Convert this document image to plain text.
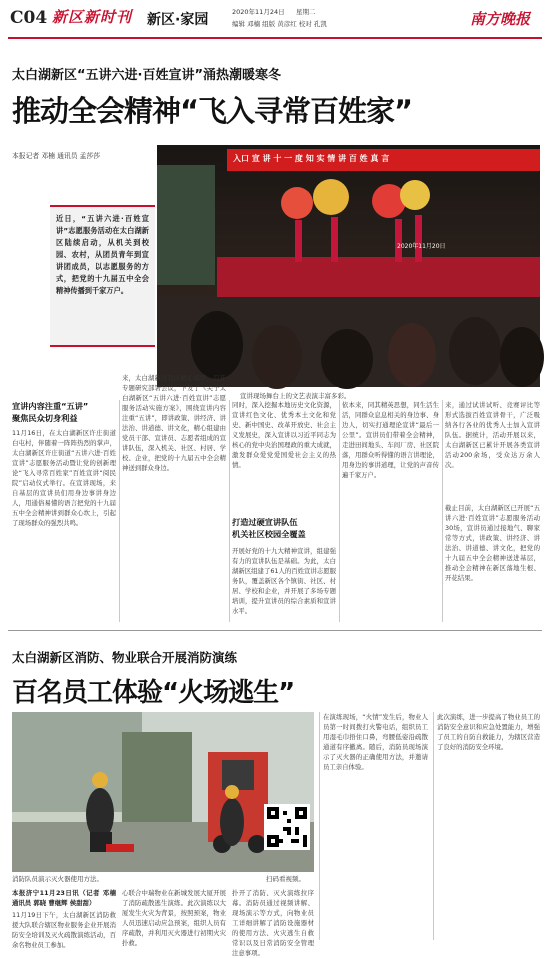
C04 新区新时刊 新区·家园	2020年11月24日 星期二
编辑 邓楠 组版 黄彦红 校对 孔凯	南方晚报
太白湖新区“五讲六进·百姓宣讲”涌热潮暖寒冬
推动全会精神“飞入寻常百姓家”
本报记者 邓楠 通讯员 孟莎莎
近日，“五讲六进·百姓宣讲”志愿服务活动在太白湖新区陆续启动，从机关到校园、农村，从团员青年到宣讲团成员，以志愿服务的方式，把党的十九届五中全会精神传播到千家万户。
入口 宣 讲 十 一 度 知 实 情 讲 百 姓 真 言
2020年11月20日
宣讲现场舞台上的文艺表演丰富多彩。
宣讲内容注重“五讲”
聚焦民众切身利益
11月16日，在太白湖新区许庄街道白屯村，伴随着一阵阵热烈的掌声，太白湖新区许庄街道“五讲六进·百姓宣讲”志愿服务活动暨让党的创新理论“飞入寻常百姓家”百姓宣讲“阅民院”启动仪式举行。在宣讲现场，来自基层的宣讲员们用身边事讲身边人，用通俗易懂的语言把党的十九届五中全会精神讲到群众心坎上，引起了现场群众的强烈共鸣。
来，太白湖新区及时精心组织，召开专题研究部署会议，下发了《关于太白湖新区“五讲六进·百姓宣讲”志愿服务活动实施方案》，围绕宣讲内容注重“五讲”，即讲政策、讲经济、讲法治、讲道德、讲文化，精心组建由党员干部、宣讲员、志愿者组成的宣讲队伍，深入机关、社区、村居、学校、企业，把党的十九届五中全会精神送到群众身边。
同时，深入挖掘本地历史文化资源，宣讲红色文化、优秀本土文化和党史、新中国史、改革开放史、社会主义发展史，深入宣讲以习近平同志为核心的党中央治国理政的重大成就，激发群众爱党爱国爱社会主义的热情。
打造过硬宣讲队伍
机关社区校园全覆盖
开展好党的十九大精神宣讲，组建强有力的宣讲队伍是基础。为此，太白湖新区组建了61人的百姓宣讲志愿服务队，覆盖新区各个镇街、社区、村居、学校和企业，并开展了多场专题培训，提升宣讲员的综合素质和宣讲水平。
依本来，同其精英思想，同生活生活，同群众息息相关的身边事、身边人，切实打通理论宣讲“最后一公里”。宣讲员们带着全会精神，走进田间地头、车间厂房、社区院落，用群众听得懂的语言讲理论，用身边的事讲道理，让党的声音传遍千家万户。
来，通过试讲试听、竞赛评比等形式选拔百姓宣讲骨干，广泛吸纳各行各业的优秀人士加入宣讲队伍。据统计，活动开展以来，太白湖新区已累计开展各类宣讲活动200余场，受众达万余人次。
截止目前，太白湖新区已开展“五讲六进·百姓宣讲”志愿服务活动30场，宣讲员通过接地气、聊家常等方式，讲政策、讲经济、讲法治、讲道德、讲文化，把党的十九届五中全会精神送进基层，推动全会精神在新区落地生根、开花结果。
太白湖新区消防、物业联合开展消防演练
百名员工体验“火场逃生”
消防队员演示灭火器使用方法。	扫码看视频。
本报济宁11月23日讯（记者 邓楠 通讯员 郭晓 曹继辉 侯甜甜）
11月19日下午，太白湖新区消防救援大队联合辖区物业服务企业开展消防安全培训及灭火疏散演练活动，百余名物业员工参加。
心联合中瑞物业在新城发展大厦开展了消防疏散逃生演练。此次演练以大厦发生火灾为背景，按照预案，物业人员迅速启动应急预案，组织人员有序疏散，并利用灭火器进行初期火灾扑救。
扑开了消防、灭火演练拉序幕。消防员通过视频讲解、现场演示等方式，向物业员工详细讲解了消防设施器材的使用方法、火灾逃生自救常识以及日常消防安全管理注意事项。
在演练现场，“火情”发生后，物业人员第一时间拨打火警电话，组织员工用湿毛巾捂住口鼻，弯腰低姿沿疏散通道有序撤离。随后，消防员现场演示了灭火器的正确使用方法，并邀请员工亲自体验。
此次演练，进一步提高了物业员工的消防安全意识和应急处置能力，增强了员工的自防自救能力，为辖区营造了良好的消防安全环境。
